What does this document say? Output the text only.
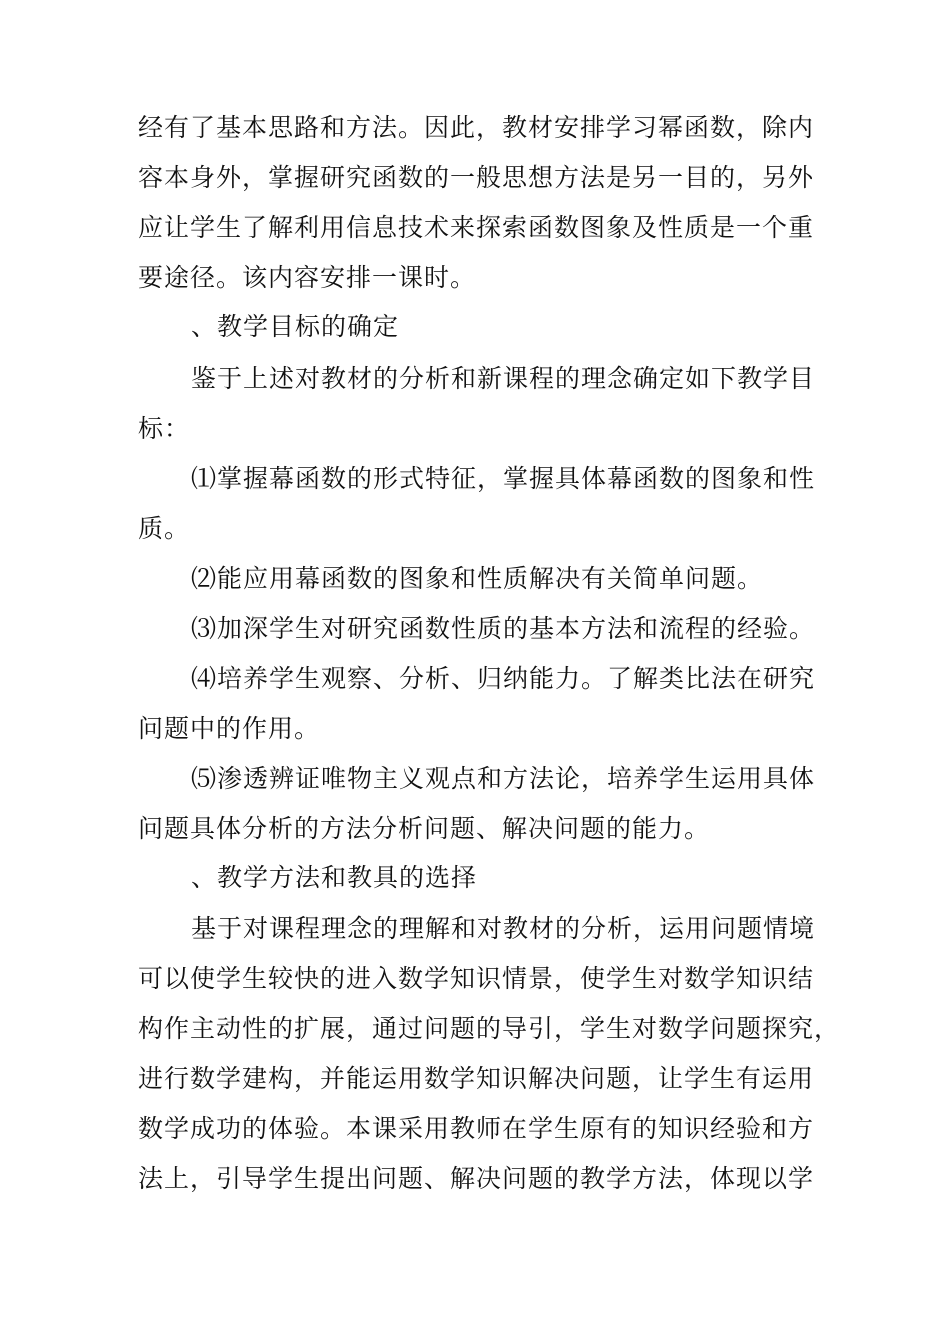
经有了基本思路和方法。因此，教材安排学习幂函数，除内
容本身外，掌握研究函数的一般思想方法是另一目的，另外
应让学生了解利用信息技术来探索函数图象及性质是一个重
要途径。该内容安排一课时。
、教学目标的确定
鉴于上述对教材的分析和新课程的理念确定如下教学目
标：
⑴掌握幕函数的形式特征，掌握具体幕函数的图象和性
质。
⑵能应用幕函数的图象和性质解决有关简单问题。
⑶加深学生对研究函数性质的基本方法和流程的经验。
⑷培养学生观察、分析、归纳能力。了解类比法在研究
问题中的作用。
⑸渗透辨证唯物主义观点和方法论，培养学生运用具体
问题具体分析的方法分析问题、解决问题的能力。
、教学方法和教具的选择
基于对课程理念的理解和对教材的分析，运用问题情境
可以使学生较快的进入数学知识情景，使学生对数学知识结
构作主动性的扩展，通过问题的导引，学生对数学问题探究，
进行数学建构，并能运用数学知识解决问题，让学生有运用
数学成功的体验。本课采用教师在学生原有的知识经验和方
法上，引导学生提出问题、解决问题的教学方法，体现以学
